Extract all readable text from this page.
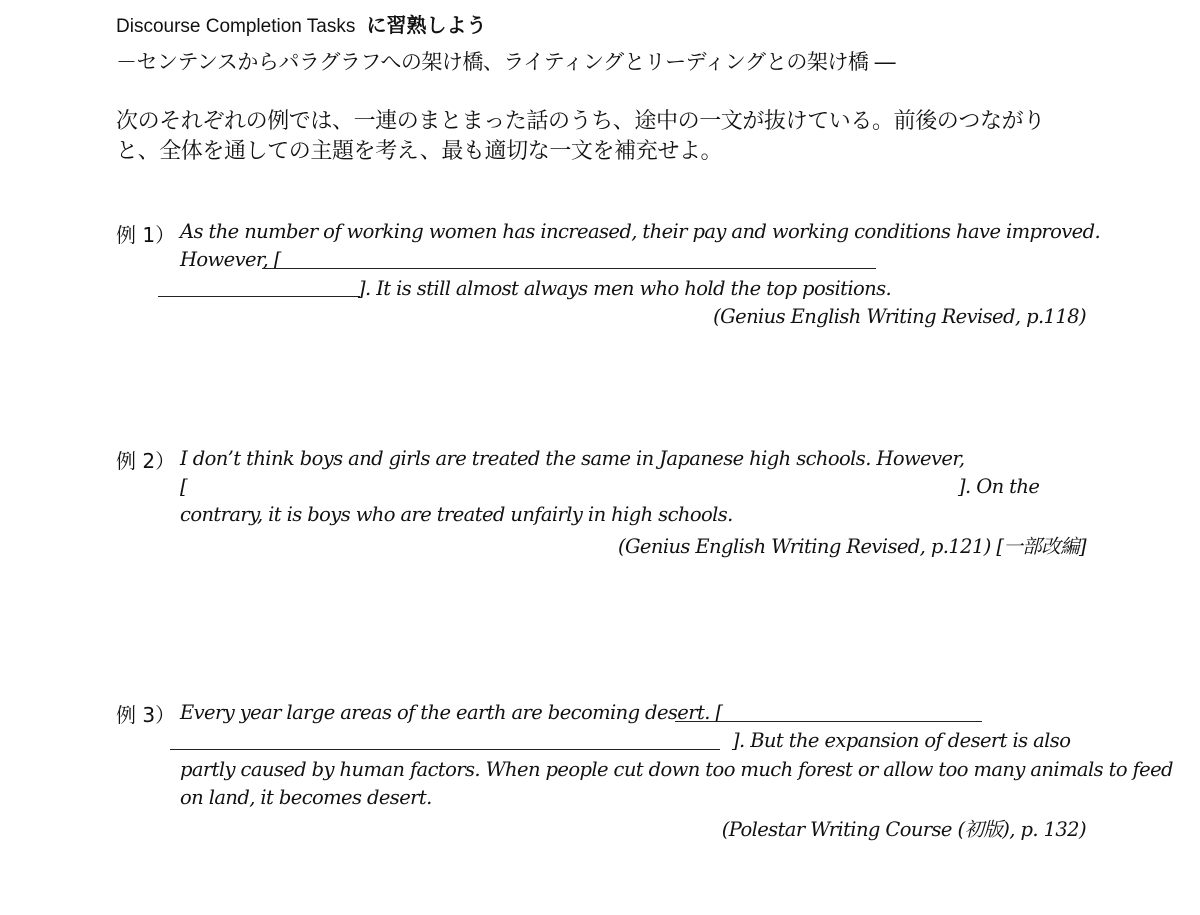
Discourse Completion Tasks に習熟しよう
－センテンスからパラグラフへの架け橋、ライティングとリーディングとの架け橋 ―
次のそれぞれの例では、一連のまとまった話のうち、途中の一文が抜けている。前後のつながり
と、全体を通しての主題を考え、最も適切な一文を補充せよ。
例 1） As the number of working women has increased, their pay and working conditions have improved.
However, [
]. It is still almost always men who hold the top positions.
(Genius English Writing Revised, p.118)
例 2） I don’t think boys and girls are treated the same in Japanese high schools. However,
[	]. On the
contrary, it is boys who are treated unfairly in high schools.
(Genius English Writing Revised, p.121) [一部改編]
例 3） Every year large areas of the earth are becoming desert. [
]. But the expansion of desert is also
partly caused by human factors. When people cut down too much forest or allow too many animals to feed
on land, it becomes desert.
(Polestar Writing Course (初版), p. 132)
